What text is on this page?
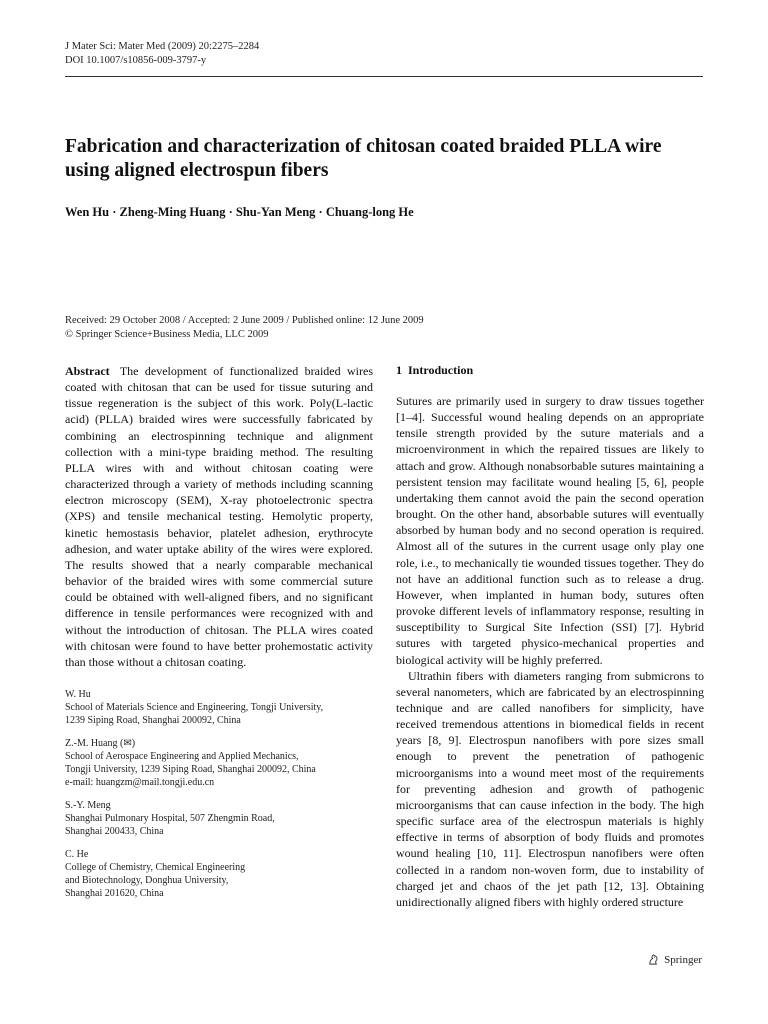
J Mater Sci: Mater Med (2009) 20:2275–2284
DOI 10.1007/s10856-009-3797-y
Fabrication and characterization of chitosan coated braided PLLA wire using aligned electrospun fibers
Wen Hu · Zheng-Ming Huang · Shu-Yan Meng · Chuang-long He
Received: 29 October 2008 / Accepted: 2 June 2009 / Published online: 12 June 2009
© Springer Science+Business Media, LLC 2009

Abstract The development of functionalized braided wires coated with chitosan that can be used for tissue suturing and tissue regeneration is the subject of this work. Poly(L-lactic acid) (PLLA) braided wires were successfully fabricated by combining an electrospinning technique and alignment collection with a mini-type braiding method. The resulting PLLA wires with and without chitosan coating were characterized through a variety of methods including scanning electron microscopy (SEM), X-ray photoelectronic spectra (XPS) and tensile mechanical testing. Hemolytic property, kinetic hemostasis behavior, platelet adhesion, erythrocyte adhesion, and water uptake ability of the wires were explored. The results showed that a nearly comparable mechanical behavior of the braided wires with some commercial suture could be obtained with well-aligned fibers, and no significant difference in tensile performances were recognized with and without the introduction of chitosan. The PLLA wires coated with chitosan were found to have better prohemostatic activity than those without a chitosan coating.

W. Hu
School of Materials Science and Engineering, Tongji University,
1239 Siping Road, Shanghai 200092, China
Z.-M. Huang (✉)
School of Aerospace Engineering and Applied Mechanics,
Tongji University, 1239 Siping Road, Shanghai 200092, China
e-mail: huangzm@mail.tongji.edu.cn
S.-Y. Meng
Shanghai Pulmonary Hospital, 507 Zhengmin Road,
Shanghai 200433, China
C. He
College of Chemistry, Chemical Engineering
and Biotechnology, Donghua University,
Shanghai 201620, China
1 Introduction

Sutures are primarily used in surgery to draw tissues together [1–4]. Successful wound healing depends on an appropriate tensile strength provided by the suture materials and a microenvironment in which the repaired tissues are likely to attach and grow. Although nonabsorbable sutures maintaining a persistent tension may facilitate wound healing [5, 6], people undertaking them cannot avoid the pain the second operation brought. On the other hand, absorbable sutures will eventually absorbed by human body and no second operation is required. Almost all of the sutures in the current usage only play one role, i.e., to mechanically tie wounded tissues together. They do not have an additional function such as to release a drug. However, when implanted in human body, sutures often provoke different levels of inflammatory response, resulting in susceptibility to Surgical Site Infection (SSI) [7]. Hybrid sutures with targeted physico-mechanical properties and biological activity will be highly preferred.

Ultrathin fibers with diameters ranging from submicrons to several nanometers, which are fabricated by an electrospinning technique and are called nanofibers for simplicity, have received tremendous attentions in biomedical fields in recent years [8, 9]. Electrospun nanofibers with pore sizes small enough to prevent the penetration of pathogenic microorganisms into a wound meet most of the requirements for preventing adhesion and growth of pathogenic microorganisms that can cause infection in the body. The high specific surface area of the electrospun materials is highly effective in terms of absorption of body fluids and promotes wound healing [10, 11]. Electrospun nanofibers were often collected in a random non-woven form, due to instability of charged jet and chaos of the jet path [12, 13]. Obtaining unidirectionally aligned fibers with highly ordered structure

Springer
